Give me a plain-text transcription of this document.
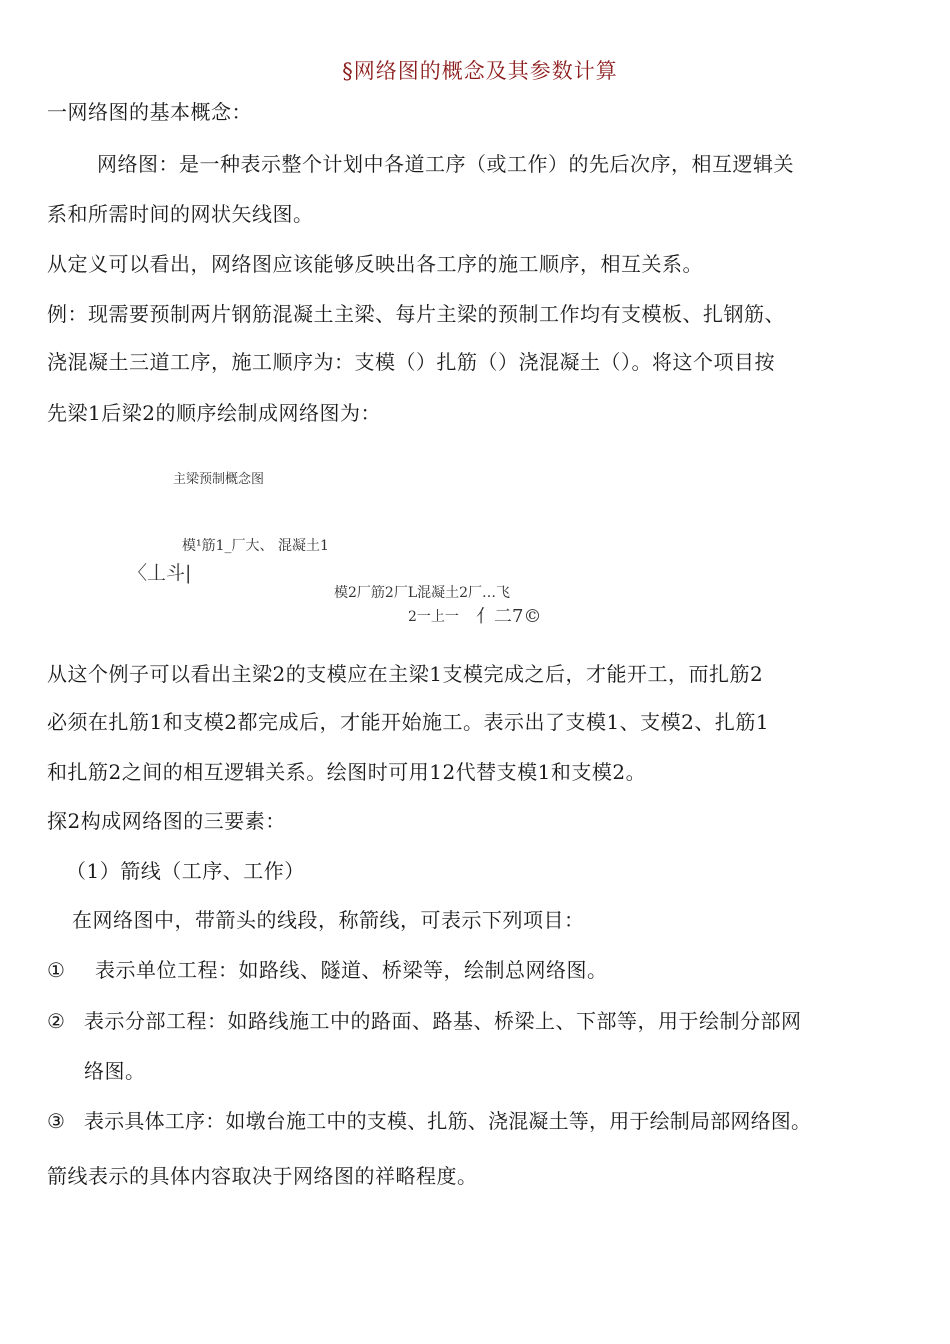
§网络图的概念及其参数计算
一网络图的基本概念：
网络图：是一种表示整个计划中各道工序（或工作）的先后次序，相互逻辑关
系和所需时间的网状矢线图。
从定义可以看出，网络图应该能够反映出各工序的施工顺序，相互关系。
例：现需要预制两片钢筋混凝土主梁、每片主梁的预制工作均有支模板、扎钢筋、
浇混凝土三道工序，施工顺序为：支模（）扎筋（）浇混凝土（）。将这个项目按
先梁1后梁2的顺序绘制成网络图为：
主梁预制概念图
模¹筋1_厂大、 混凝土1
〈丄斗|
模2厂筋2厂L混凝土2厂…飞
2一上一 亻二7©
从这个例子可以看出主梁2的支模应在主梁1支模完成之后，才能开工，而扎筋2
必须在扎筋1和支模2都完成后，才能开始施工。表示出了支模1、支模2、扎筋1
和扎筋2之间的相互逻辑关系。绘图时可用12代替支模1和支模2。
探2构成网络图的三要素：
（1）箭线（工序、工作）
在网络图中，带箭头的线段，称箭线，可表示下列项目：
① 表示单位工程：如路线、隧道、桥梁等，绘制总网络图。
② 表示分部工程：如路线施工中的路面、路基、桥梁上、下部等，用于绘制分部网
络图。
③ 表示具体工序：如墩台施工中的支模、扎筋、浇混凝土等，用于绘制局部网络图。
箭线表示的具体内容取决于网络图的祥略程度。
